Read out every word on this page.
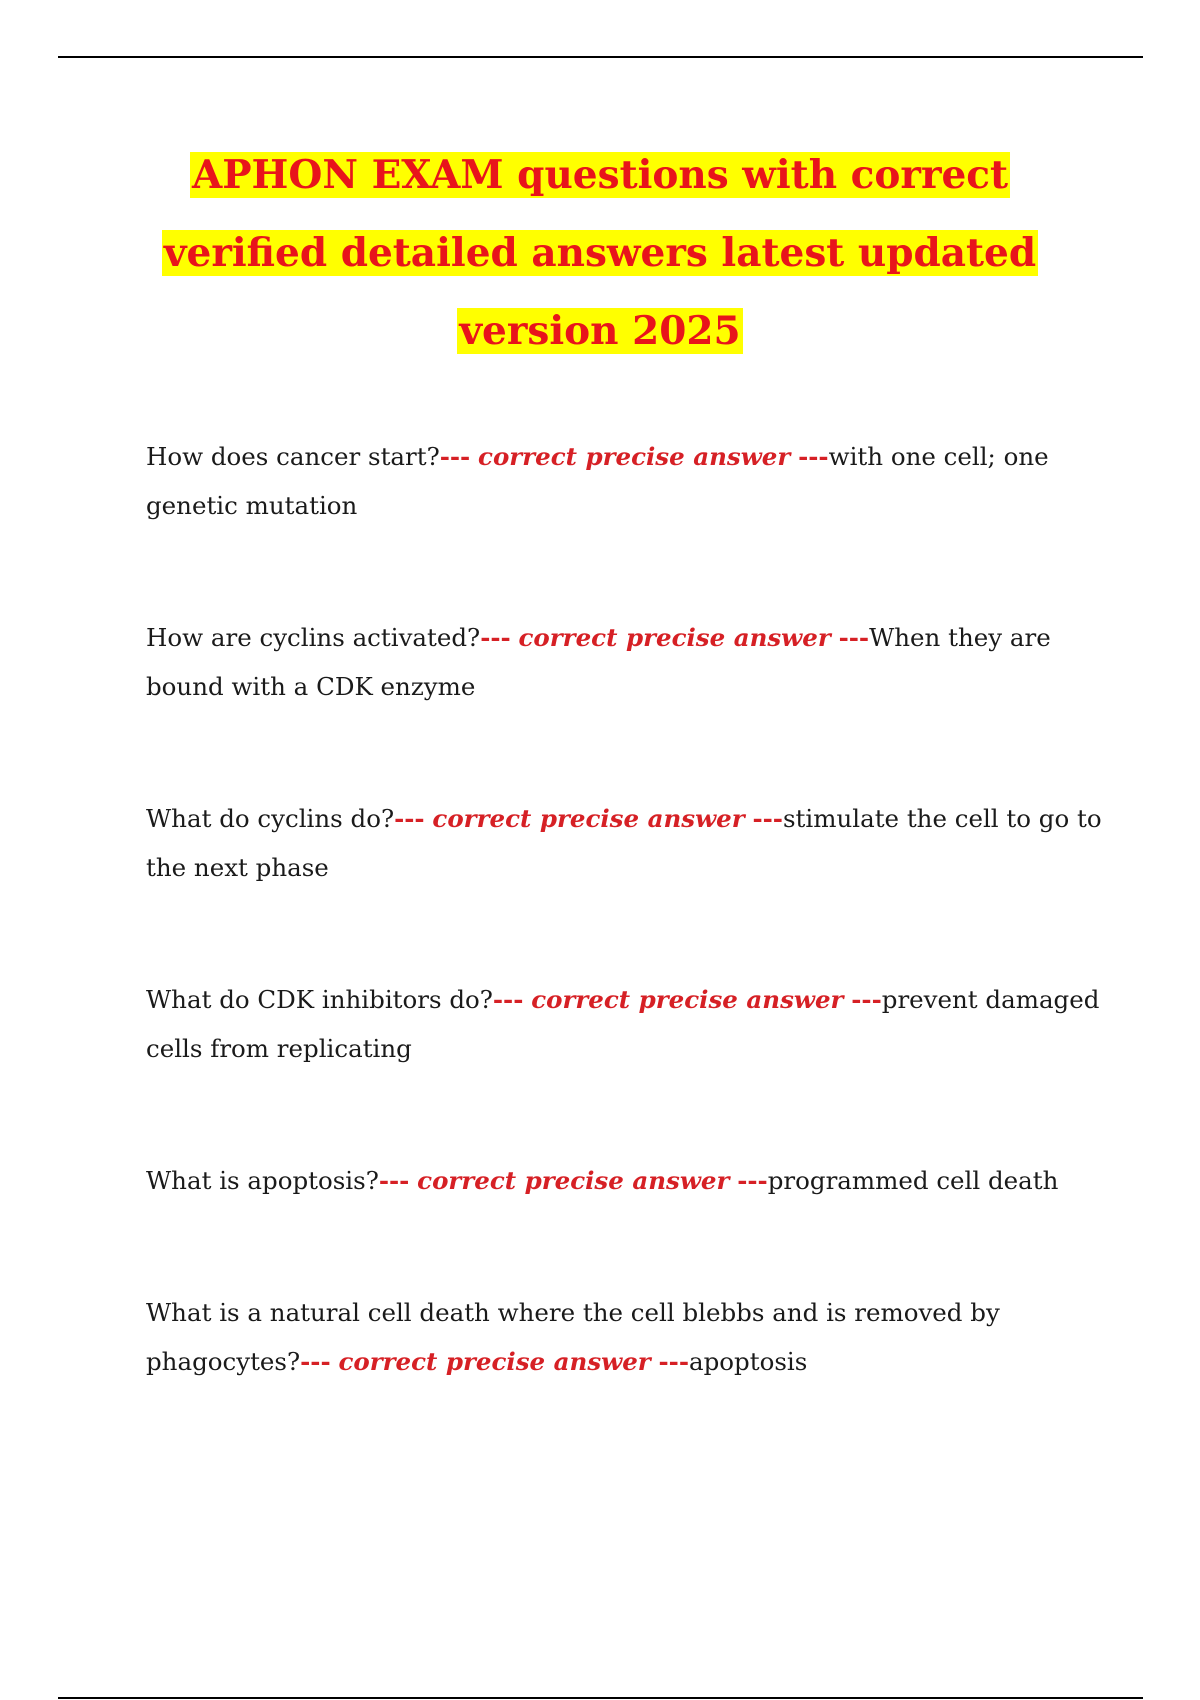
APHON EXAM questions with correct
verified detailed answers latest updated
version 2025

How does cancer start?--- correct precise answer ---with one cell; one genetic mutation

How are cyclins activated?--- correct precise answer ---When they are bound with a CDK enzyme

What do cyclins do?--- correct precise answer ---stimulate the cell to go to the next phase

What do CDK inhibitors do?--- correct precise answer ---prevent damaged cells from replicating

What is apoptosis?--- correct precise answer ---programmed cell death

What is a natural cell death where the cell blebbs and is removed by phagocytes?--- correct precise answer ---apoptosis
